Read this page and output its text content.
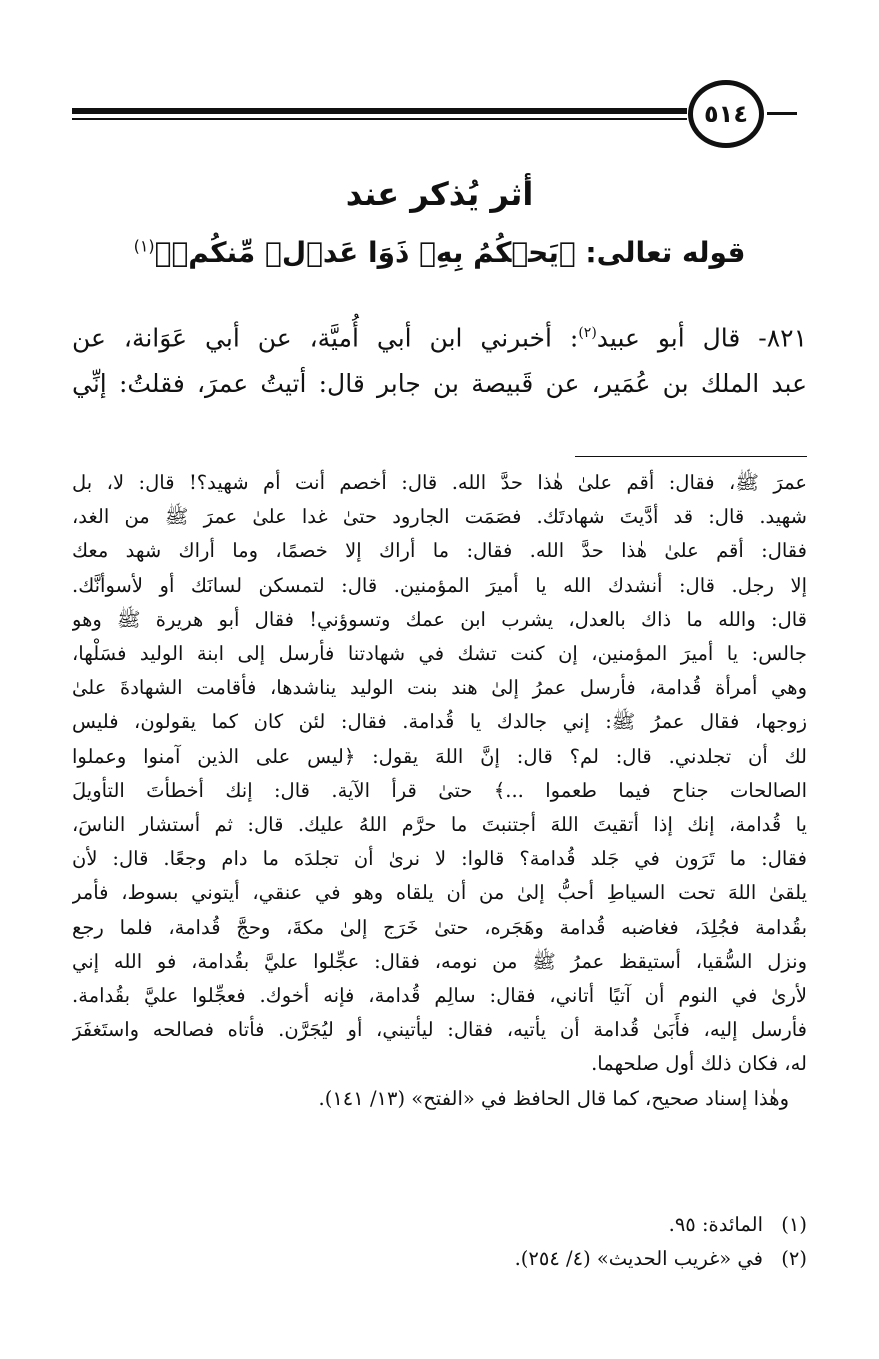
٥١٤
أثر يُذكر عند
قوله تعالى: ﴿يَحۡكُمُ بِهِۦ ذَوَا عَدۡلٖ مِّنكُمۡ﴾$^{(١)}$
٨٢١- قال أبو عبيد$^{(٢)}$: أخبرني ابن أبي أُميَّة، عن أبي عَوَانة، عن
عبد الملك بن عُمَير، عن قَبيصة بن جابر قال: أتيتُ عمرَ، فقلتُ: إنِّي
عمرَ ﷺ، فقال: أقم علىٰ هٰذا حدَّ الله. قال: أخصم أنت أم شهيد؟! قال: لا، بل
شهيد. قال: قد أدَّيتَ شهادتَك. فصَمَت الجارود حتىٰ غدا علىٰ عمرَ ﷺ من الغد،
فقال: أقم علىٰ هٰذا حدَّ الله. فقال: ما أراك إلا خصمًا، وما أراك شهد معك
إلا رجل. قال: أنشدك الله يا أميرَ المؤمنين. قال: لتمسكن لسانَك أو لأسوأنَّك.
قال: والله ما ذاك بالعدل، يشرب ابن عمك وتسوؤني! فقال أبو هريرة ﷺ وهو
جالس: يا أميرَ المؤمنين، إن كنت تشك في شهادتنا فأرسل إلى ابنة الوليد فسَلْها،
وهي أمرأة قُدامة، فأرسل عمرُ إلىٰ هند بنت الوليد يناشدها، فأقامت الشهادةَ علىٰ
زوجها، فقال عمرُ ﷺ: إني جالدك يا قُدامة. فقال: لئن كان كما يقولون، فليس
لك أن تجلدني. قال: لم؟ قال: إنَّ اللهَ يقول: ﴿ليس على الذين آمنوا وعملوا
الصالحات جناح فيما طعموا ...﴾ حتىٰ قرأ الآية. قال: إنك أخطأتَ التأويلَ
يا قُدامة، إنك إذا أتقيتَ اللهَ أجتنبتَ ما حرَّم اللهُ عليك. قال: ثم أستشار الناسَ،
فقال: ما تَرَون في جَلد قُدامة؟ قالوا: لا نرىٰ أن تجلدَه ما دام وجعًا. قال: لأن
يلقىٰ اللهَ تحت السياطِ أحبُّ إلىٰ من أن يلقاه وهو في عنقي، أيتوني بسوط، فأمر
بقُدامة فجُلِدَ، فغاضبه قُدامة وهَجَره، حتىٰ خَرَج إلىٰ مكةَ، وحجَّ قُدامة، فلما رجع
ونزل السُّقيا، أستيقظ عمرُ ﷺ من نومه، فقال: عجِّلوا عليَّ بقُدامة، فو الله إني
لأرىٰ في النوم أن آتيًا أتاني، فقال: سالِم قُدامة، فإنه أخوك. فعجِّلوا عليَّ بقُدامة.
فأرسل إليه، فأَبَىٰ قُدامة أن يأتيه، فقال: ليأتيني، أو ليُجَرَّن. فأتاه فصالحه واستَغفَرَ
له، فكان ذلك أول صلحهما.
وهٰذا إسناد صحيح، كما قال الحافظ في «الفتح» (١٣/ ١٤١).
(١)المائدة: ٩٥.
(٢)في «غريب الحديث» (٤/ ٢٥٤).
